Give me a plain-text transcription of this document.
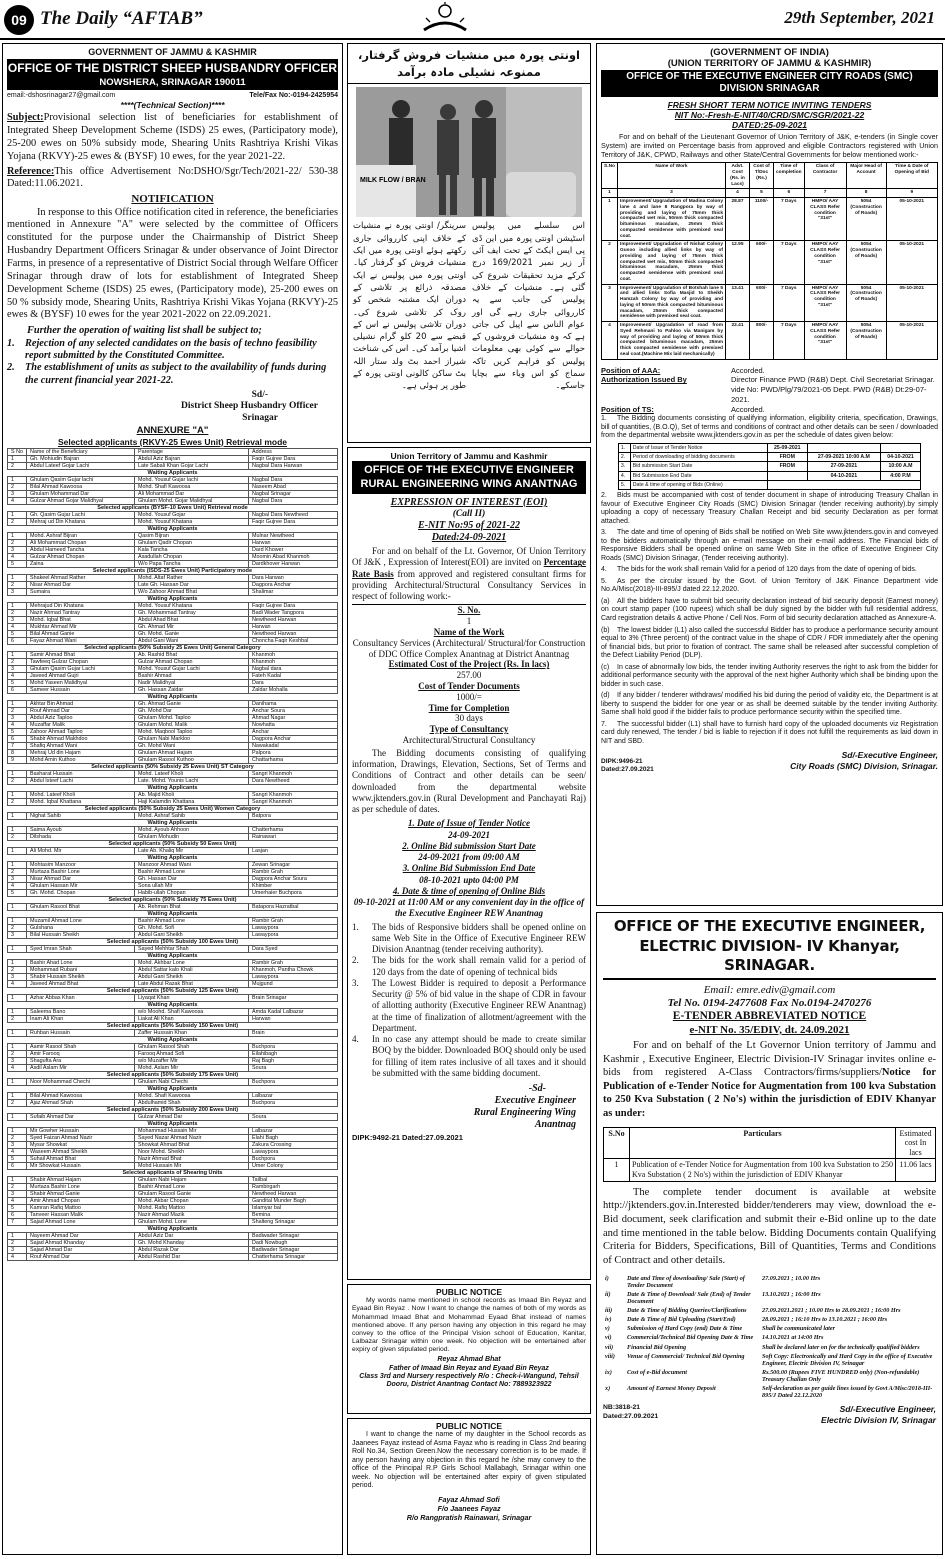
09 The Daily “AFTAB”	29th September, 2021
GOVERNMENT OF JAMMU & KASHMIR
OFFICE OF THE DISTRICT SHEEP HUSBANDRY OFFICER
NOWSHERA, SRINAGAR 190011
email:-dshosrinagar27@gmail.com	Tele/Fax No:-0194-2425954
****(Technical Section)****
Subject:Provisional selection list of beneficiaries for establishment of Integrated Sheep Development Scheme (ISDS) 25 ewes, (Participatory mode), 25-200 ewes on 50% subsidy mode, Shearing Units Rashtriya Krishi Vikas Yojana (RKVY)-25 ewes & (BYSF) 10 ewes, for the year 2021-22.
Reference:This office Advertisement No:DSHO/Sgr/Tech/2021-22/ 530-38 Dated:11.06.2021.
NOTIFICATION
In response to this Office notification cited in reference, the beneficiaries mentioned in Annexure "A" were selected by the committee of Officers constituted for the purpose under the Chairmanship of District Sheep Husbandry Department Officers Srinagar & under observance of Joint Director Farms, in presence of a representative of District Social through Welfare Officer Srinagar through draw of lots for establishment of Integrated Sheep Development Scheme (ISDS) 25 ewes, (Participatory mode), 25-200 ewes on 50 % subsidy mode, Shearing Units, Rashtriya Krishi Vikas Yojana (RKVY)-25 ewes & (BYSF) 10 ewes for the year 2021-2022 on 22.09.2021.
Further the operation of waiting list shall be subject to;
1. Rejection of any selected candidates on the basis of techno feasibility report submitted by the Constituted Committee.
2. The establishment of units as subject to the availability of funds during the current financial year 2021-22.
Sd/-
District Sheep Husbandry Officer
Srinagar
ANNEXURE "A"
Selected applicants (RKVY-25 Ewes Unit) Retrieval mode
S No	Name of the Beneficiary	Parentage	Address
1	Gh. Mohiudin Bajran	Abdul Aziz Bajran	Faqir Gujree Dara
2	Abdul Lateef Gojar Lachi	Late Sabali Khan Gojar Lachi	Nagbal Dara Harwan
Waiting Applicants			
1	Ghulam Qasim Gujar lachi	Mohd. Yousuf Gujar lachi	Nagbal Dara
2	Bilal Ahmad Kawoosa	Mohd. Shafi Kawoosa	Naseem Abad
3	Ghulam Mohammad Dar	Ali Mohammad Dar	Nagbal Srinagar
4	Gulzar Ahmad Gojar Malidhyal	Ghulam Mohd. Gojar Malidhyal	Nagbal Dara
Selected applicants (BYSF-10 Ewes Unit) Retrieval mode			
1	Gh. Qasim Gujar Lachi	Mohd. Yousuf Gojar	Nagbal Dara Newtheed
2	Mehraj ud Din Khatana	Mohd. Yousuf Khatana	Faqir Gujree Dara
Waiting Applicants			
1	Mohd. Ashraf Bijran	Qasim Bijran	Mulnar Newtheed
2	Ali Mohammad Chopan	Ghulam Qadir Chopan	Harwan
3	Abdul Hameed Tancha	Kala Tancha	Dard Khower
4	Gulzar Ahmad Chopan	Asadullah Chopan	Moomin Abad Khanmoh
5	Zaina	W/o Papa Tancha	Dardkhover Harwan
Selected applicants (ISDS-25 Ewes Unit) Participatory mode			
1	Shakeel Ahmad Rather	Mohd. Altaf Rather	Dara Harwan
2	Nisar Ahmad Dar	Late Gh. Hassan Dar	Dagpora Anchar
3	Sumaira	W/o Zahoor Ahmad Bhat	Shalimar
Waiting Applicants			
1	Mehrajud Din Khatana	Mohd. Yousuf Khatana	Faqir Gujree Dara
2	Nazir Ahmad Tantray	Gh. Mohammad Tantray	Badi Wader Tangpora
3	Mohd. Iqbal Bhat	Abdul Ahad Bhat	Newtheed Harwan
4	Mukhtar Ahmad Mir	Gh. Ahmad Mir	Harwan
5	Bilal Ahmad Ganie	Gh. Mohd. Ganie	Newtheed Harwan
6	Fayaz Ahmad Wani	Abdul Gani Wani	Choncha Faqir Keshbal
Selected applicants (50% Subsidy 25 Ewes Unit) General Category			
1	Samir Ahmad Bhat	Ab. Rashid Bhat	Khanmoh
2	Tawfeeq Gulzar Chopan	Gulzar Ahmad Chopan	Khanmoh
3	Ghulam Qasim Gujar Lachi	Mohd. Yousuf Gujar Lachi	Nagbal dara
4	Javeed Ahmad Gujri	Bashir Ahmad	Fateh Kadal
5	Mohd Yaseen Malidhyal	Nadir Malidhyal	Dara
6	Sameer Hussain	Gh. Hassan Zaidar	Zaldar Mohalla
Waiting Applicants			
1	Akhtar Bin Ahmad	Gh. Ahmad Ganie	Danihama
2	Rouf Ahmad Dar	Gh. Mohd Dar	Anchar Soura
3	Abdul Aziz Taploo	Ghulam Mohd. Taploo	Ahmad Nagar
4	Muzaffar Malik	Ghulam Mohd. Malik	Nowhatta
5	Zahoor Ahmad Taploo	Mohd. Maqbool Taploo	Anchar
6	Shabir Ahmad Makhdoo	Ghulam Nabi Markloo	Dagpora Anchar
7	Shafiq Ahmad Wani	Gh. Mohd Wani	Nawakadal
8	Mehraj Ud din Hajam	Ghulam Ahmad Hajam	Palpora
9	Mohd Amin Kuthoo	Ghulam Rasool Kuthoo	Chattarhama
Selected applicants (50% Subsidy 25 Ewes Unit) ST Category			
1	Basharat Hussain	Mohd. Lateef Kholi	Sangri Khanmoh
2	Abdul Isteef Lachi	Late. Mohd. Younis Lachi	Dara Newtheed
Waiting Applicants			
1	Mohd. Lateef Kholi	Ab. Majid Kholi	Sangri Khanmoh
2	Mohd. Iqbal Khattana	Haji Kalamdin Khattana	Sangri Khanmoh
Selected applicants (50% Subsidy 25 Ewes Unit) Women Category			
1	Nighat Sahib	Mohd. Ashraf Sahib	Batpora
Waiting Applicants			
1	Saima Ayoub	Mohd. Ayoub Ahhoon	Chatterhama
2	Dilshada	Ghulam Mohudin	Rainawari
Selected applicants (50% Subsidy 50 Ewes Unit)			
1	Ali Mohd. Mir	Late Ab. Khaliq Mir	Lasjan
Waiting Applicants			
1	Mohtasim Manzoor	Manzoor Ahmad Wani	Zewan Srinagar
2	Murtaza Bashir Lone	Bashir Ahmad Lone	Rambir Grah
3	Nisar Ahmad Dar	Gh. Hassan Dar	Dagpora Anchar Soura
4	Ghulam Hassan Mir	Sona ullah Mir	Khimber
5	Gh. Mohd. Chopan	Habib-ullah Chopan	Umerhaier Buchpora
Selected applicants (50% Subsidy 75 Ewes Unit)			
1	Ghulam Rasool Bhat	Ab. Rehman Bhat	Batapora Hazratbal
Waiting Applicants			
1	Muzamil Ahmad Lone	Bashir Ahmad Lone	Rambir Grah
2	Gulshana	Gh. Mohd. Sofi	Lawaypora
3	Bilal Hussain Sheikh	Abdul Gani Sheikh	Lawaypora
Selected applicants (50% Subsidy 100 Ewes Unit)			
1	Syed Imran Shah	Sayed Mehhtar Shah	Dara Syed
Waiting Applicants			
1	Bashir Ahad Lone	Mohd. Akhbar Lone	Rambir Grah
2	Mohammad Rubani	Abdul Sattar kalo Khali	Khanmoh, Pantha Chowk
3	Shabir Hussain Sheikh	Abdul Gani Sheikh	Lawaypora
4	Javeed Ahmad Bhat	Late Abdul Razak Bhat	Mujgund
Selected applicants (50% Subsidy 125 Ewes Unit)			
1	Azhar Abbas Khan	Liyaqat Khan	Brain Srinagar
Waiting Applicants			
1	Saleema Bano	w/o Moohd. Shafi Kawoosa	Amda Kadal Lalbazar
2	Inam Ali Khan	Liakat Ali Khan	Harwan
Selected applicants (50% Subsidy 150 Ewes Unit)			
1	Ruhban Hussain	Zaffer Hussain Khan	Brain
Waiting Applicants			
1	Aamir Rasool Shah	Ghulam Rasool Shah	Buchpora
2	Amir Farooq	Farooq Ahmad Sofi	Eilahibagh
3	Shagufta Ara	w/o Muzaffer Mir	Raj Bagh
4	Asdil Aslam Mir	Mohd. Aslam Mir	Soura
Selected applicants (50% Subsidy 175 Ewes Unit)			
1	Noor Mohammad Chechi	Ghulam Nabi Chechi	Buchpora
Waiting Applicants			
1	Bilal Ahmad Kawoosa	Mohd. Shafi Kawoosa	Lalbazar
2	Ajaz Ahmad Shah	Abdulhamid Shah	Buchpora
Selected applicants (50% Subsidy 200 Ewes Unit)			
1	Sufaib Ahmad Dar	Gulzar Ahmad Dar	Soura
Waiting Applicants			
1	Mir Gowher Hussain	Mohammad Hussain Mir	Lalbazar
2	Syed Faizan Ahmad Nazir	Sayed Nazar Ahmad Nazir	Elahi Bagh
3	Mysar Showkat	Showkat Ahmad Bhat	Zakura Crossing
4	Waseem Ahmad Sheikh	Noor Mohd. Sheikh	Lawaypora
5	Suhail Ahmad Bhat	Nazir Ahmad Bhat	Buchpora
6	Mir Showkat Hussain	Mohd Hussain Mir	Umer Colony
Selected applicants of Shearing Units			
1	Shabir Ahmad Hajam	Ghulam Nabi Hajam	Tailbal
2	Murtaza Bashir Lone	Bashir Ahmad Lone	Rambirgarh
3	Shabir Ahmad Ganie	Ghulam Rasool Ganie	Newtheed Harwan
4	Amir Ahmad Chopan	Mohd. Akbar Chopan	Gandital Munder Bagh
5	Kamran Rafiq Mattoo	Mohd. Rafiq Mattoo	Islamyar bal
6	Tanveer Hassan Malik	Nazir Ahmad Mazik	Bemina
7	Sajad Ahmad Lone	Ghulam Mohd. Lone	Shalteng Srinagar
Waiting Applicants			
1	Nayeem Ahmad Dar	Abdul Aziz Dar	Badiwader Srinagar
2	Sajad Ahmad Khanday	Gh. Mohd Khanday	Dadi Nowbugh
3	Sajad Ahmad Dar	Abdul Razak Dar	Badiwader Srinagar
4	Rouf Ahmad Dar	Abdul Rashid Dar	Chatterhama Srinagar
اونتی پورہ میں منشیات فروش گرفتار، ممنوعہ نشیلی مادہ برآمد
MILK FLOW / BRAN
سرینگر/ اونتی پورہ نے منشیات کے خلاف اپنی کارروائی جاری رکھتے ہوئے اونتی پورہ میں ایک منشیات فروش کو گرفتار کیا۔ اونتی پورہ میں پولیس نے ایک مصدقہ ذرائع پر تلاشی کے دوران ایک مشتبہ شخص کو روک کر تلاشی شروع کی۔ دوران تلاشی پولیس نے اس کے قبضے سے 20 کلو گرام نشیلی اشیا برآمد کی۔ اس کی شناخت شیراز احمد بٹ ولد ستار اللہ بٹ ساکن کالونی اونتی پورہ کے طور پر ہوئی ہے۔
اس سلسلے میں پولیس اسٹیشن اونتی پورہ میں این ڈی پی ایس ایکٹ کے تحت ایف آئی آر زیر نمبر 169/2021 درج کرکے مزید تحقیقات شروع کی گئی ہے۔ منشیات کے خلاف پولیس کی جانب سے یہ کارروائی جاری رہے گی اور عوام الناس سے اپیل کی جاتی ہے کہ وہ منشیات فروشوں کے حوالے سے کوئی بھی معلومات پولیس کو فراہم کریں تاکہ سماج کو اس وباء سے بچایا جاسکے۔
Union Territory of Jammu and Kashmir
OFFICE OF THE EXECUTIVE ENGINEER RURAL ENGINEERING WING ANANTNAG
EXPRESSION OF INTEREST (EOI)
(Call II)
E-NIT No:95 of 2021-22
Dated:24-09-2021
For and on behalf of the Lt. Governor, Of Union Territory Of J&K , Expression of Interest(EOI) are invited on Percentage Rate Basis from approved and registered consultant firms for providing Architectural/Structural Consultancy Services in respect of following work:-
S. No.
1
Name of the Work
Consultancy Services (Architectural/ Structural/for Construction of DDC Office Complex Anantnag at District Anantnag
Estimated Cost of the Project (Rs. In lacs)
257.00
Cost of Tender Documents
1000/=
Time for Completion
30 days
Type of Consultancy
Architectural/Structural Consultancy
The Bidding documents consisting of qualifying information, Drawings, Elevation, Sections, Set of Terms and Conditions of Contract and other details can be seen/ downloaded from the departmental website www.jktenders.gov.in (Rural Development and Panchayati Raj) as per schedule of dates.
1. Date of Issue of Tender Notice
24-09-2021
2. Online Bid submission Start Date
24-09-2021 from 09:00 AM
3. Online Bid Submission End Date
08-10-2021 upto 04:00 PM
4. Date & time of opening of Online Bids
09-10-2021 at 11:00 AM or any convenient day in the office of the Executive Engineer REW Anantnag
1.	The bids of Responsive bidders shall be opened online on same Web Site in the Office of Executive Engineer REW Division Anantnag (tender receiving authority).
2.	The bids for the work shall remain valid for a period of 120 days from the date of opening of technical bids
3.	The Lowest Bidder is required to deposit a Performance Security @ 5% of bid value in the shape of CDR in favour of allotting authority (Executive Engineer REW Anantnag) at the time of finalization of allotment/agreement with the Department.
4.	In no case any attempt should be made to create similar BOQ by the bidder. Downloaded BOQ should only be used for filling of item rates inclusive of all taxes and it should be submitted with the same bidding document.
-Sd-
Executive Engineer
Rural Engineering Wing
Anantnag
DIPK:9492-21 Dated:27.09.2021
PUBLIC NOTICE
My words name mentioned in school records as Imaad Bin Reyaz and Eyaad Bin Reyaz . Now I want to change the names of both of my words as Mohammad Imaad Bhat and Mohammad Eyaad Bhat instead of names mentioned above. If any person having any objection in this regard he may convey to the office of the Principal Vision school of Education, Kanitar, Lalbazar Srinagar within one week. No objection will be entertained after expiry of given stipulated period.
Reyaz Ahmad Bhat
Father of Imaad Bin Reyaz and Eyaad Bin Reyaz
Class 3rd and Nursery respectively R/o : Check-i-Wangund, Tehsil
Dooru, District Anantnag Contact No: 7889323922
PUBLIC NOTICE
I want to change the name of my daughter in the School records as Jaanees Fayaz instead of Asma Fayaz who is reading in Class 2nd bearing Roll No.34, Section Green.Now the necessary correction is to be made. If any person having any objection in this regard he /she may convey to the office of the Principal R.P Girls School Mallabagh, Srinagar within one week. No objection will be entertained after expiry of given stipulated period.
Fayaz Ahmad Sofi
F/o Jaanees Fayaz
R/o Rangpratish Rainawari, Srinagar
(GOVERNMENT OF INDIA)
(UNION TERRITORY OF JAMMU & KASHMIR)
OFFICE OF THE EXECUTIVE ENGINEER CITY ROADS (SMC) DIVISION SRINAGAR
FRESH SHORT TERM NOTICE INVITING TENDERS
NIT No:-Fresh-E-NIT/40/CRD/SMC/SGR/2021-22
DATED:25-09-2021
For and on behalf of the Lieutenant Governor of Union Territory of J&K, e-tenders (in Single cover System) are invited on Percentage basis from approved and eligible Contractors registered with Union Territory of J&K, CPWD, Railways and other State/Central Governments for below mentioned work:-
S.No	Name of Work	Advt. Cost (Rs. in Lacs)	Cost of T/Doc (Rs.)	Time of completion	Class of Contractor	Major Head of Account	Time & Date of Opening of Bid
1	3	4	5	6	7	8	9
1	Improvement/ Upgradation of Madina Colony lane 4 and lane 8 Rangpora by way of providing and laying of 75mm thick compacted wet mix, 50mm thick compacted bituminous macadam, 25mm thick compacted semidense with premixed seal coat.	28.87	1100/-	7 Days	HMPO/ AAY CLASS Refer condition "31st"	5054 (Construction of Roads)	05-10-2021
2	Improvement/ Upgradation of Nishat Colony Gusoo including allied links by way of providing and laying of 75mm thick compacted wet mix, 50mm thick compacted bituminous macadam, 25mm thick compacted semidense with premixed seal coat.	12.95	600/-	7 Days	HMPO/ AAY CLASS Refer condition "31st"	5054 (Construction of Roads)	05-10-2021
3	Improvement/ Upgradation of Botshah lane 5 and allied links Sofia Masjid to Sheikh Hamzah Colony by way of providing and laying of 50mm thick compacted bituminous macadam, 25mm thick compacted semidense with premixed seal coat.	13.41	600/-	7 Days	HMPO/ AAY CLASS Refer condition "31st"	5054 (Construction of Roads)	05-10-2021
4	Improvement/ Upgradation of road from Syed Rehmani to Pahloo via Manigam by way of providing and laying of 50mm thick compacted bituminous macadam, 25mm thick compacted semidense with premixed seal coat.(Machine Mix laid mechanically)	22.41	800/-	7 Days	HMPO/ AAY CLASS Refer condition "31st"	5054 (Construction of Roads)	05-10-2021
Position of AAA:	Accorded.
Authorization Issued By	Director Finance PWD (R&B) Dept. Civil Secretariat Srinagar.
vide No: PWD/Plg/79/2021-05 Dept. PWD (R&B) Dt:29-07-2021.
Position of TS:	Accorded.
1. The Bidding documents consisting of qualifying information, eligibility criteria, specification, Drawings, bill of quantities, (B.O.Q), Set of terms and conditions of contract and other details can be seen / downloaded from the departmental website www.jktenders.gov.in as per the schedule of dates given below:
1.	Date of Issue of Tender Notice	25-09-2021		
2.	Period of downloading of bidding documents	FROM	27-09-2021 10:00 A.M	04-10-2021
3.	Bid submission Start Date	FROM	27-09-2021	10:00 A.M
4.	Bid Submission End Date		04-10-2021	4:00 P.M
5.	Date & time of opening of Bids (Online)			
2. Bids must be accompanied with cost of tender document in shape of introducing Treasury Challan in favour of Executive Engineer City Roads (SMC) Division Srinagar (tender receiving authority).by simply uploading a copy of necessary Treasury Challan Receipt and bid security Declaration as per format attached.
3. The date and time of opening of Bids shall be notified on Web Site www.jktenders.gov.in and conveyed to the bidders automatically through an e-mail message on their e-mail address. The Financial bids of Responsive Bidders shall be opened online on same Web Site in the office of Executive Engineer City Roads (SMC) Division Srinagar, (Tender receiving authority).
4. The bids for the work shall remain Valid for a period of 120 days from the date of opening of bids.
5. As per the circular issued by the Govt. of Union Territory of J&K Finance Department vide No.A/Misc(2018)-III-895/J dated 22.12.2020.
(a) All the bidders have to submit bid security declaration instead of bid security deposit (Earnest money) on court stamp paper (100 rupees) which shall be duly signed by the bidder with full residential address, Card registration details & active Phone / Cell Nos. Form of bid security declaration attached as Annexure-A.
(b) The lowest bidder (L1) also called the successful Bidder has to produce a performance security amount equal to 3% (Three percent) of the contract value in the shape of CDR / FDR immediately after the opening of financial bids, but prior to fixation of contract. The same shall be released after successful completion of the Defect Liability Period (DLP).
(c) In case of abnormally low bids, the tender inviting Authority reserves the right to ask from the bidder for additional performance security with the approval of the next higher Authority which shall be binding upon the bidder in such case.
(d) If any bidder / tenderer withdraws/ modified his bid during the period of validity etc, the Department is at liberty to suspend the bidder for one year or as shall be deemed suitable by the tender inviting Authority. Same shall hold good if the bidder fails to produce performance security within the specified time.
7. The successful bidder (L1) shall have to furnish hard copy of the uploaded documents viz Registration card duly renewed, The tender / bid is liable to rejection if it does not fulfill the requirements as laid down in NIT and SBD.
DIPK:9496-21
Dated:27.09.2021
Sd/-Executive Engineer,
City Roads (SMC) Division, Srinagar.
OFFICE OF THE EXECUTIVE ENGINEER, ELECTRIC DIVISION- IV Khanyar, SRINAGAR.
Email: emre.ediv@gmail.com
Tel No. 0194-2477608 Fax No.0194-2470276
E-TENDER ABBREVIATED NOTICE
e-NIT No. 35/EDIV, dt. 24.09.2021
For and on behalf of the Lt Governor Union territory of Jammu and Kashmir , Executive Engineer, Electric Division-IV Srinagar invites online e-bids from registered A-Class Contractors/firms/suppliers/Notice for Publication of e-Tender Notice for Augmentation from 100 kva Substation to 250 Kva Substation ( 2 No's) within the jurisdiction of EDIV Khanyar as under:
S.No	Particulars	Estimated cost In lacs
1	Publication of e-Tender Notice for Augmentation from 100 kva Substation to 250 Kva Substation ( 2 No's) within the jurisdiction of EDIV Khanyar	11.06 lacs
The complete tender document is available at website http://jktenders.gov.in.Interested bidder/tenderers may view, download the e-Bid document, seek clarification and submit their e-Bid online up to the date and time mentioned in the table below. Bidding Documents contain Qualifying Criteria for Bidders, Specifications, Bill of Quantities, Terms and Conditions of Contract and other details.
i)	Date and Time of downloading/ Sale (Start) of Tender Document	27.09.2021 ; 10.00 Hrs
ii)	Date & Time of Download/ Sale (End) of Tender Document	13.10.2021 ; 16:00 Hrs
iii)	Date & Time of Bidding Queries/Clarifications	27.09.2021.2021 ; 10.00 Hrs to 28.09.2021 ; 16:00 Hrs
iv)	Date & Time of Bid Uploading (Start/End)	28.09.2021 ; 16:10 Hrs to 13.10.2021 ; 16:00 Hrs
v)	Submission of Hard Copy (end) Date & Time	Shall be communicated later
vi)	Commercial/Technical Bid Opening Date & Time	14.10.2021 at 14:00 Hrs
vii)	Financial Bid Opening	Shall be declared later on for the technically qualified bidders
viii)	Venue of Commercial/ Technical Bid Opening	Soft Copy: Electronically and Hard Copy in the office of Executive Engineer, Electric Division IV, Srinagar
ix)	Cost of e-Bid document	Rs.500.00 (Rupees FIVE HUNDRED only) (Non-refundable) Treasury Challan Only
x)	Amount of Earnest Money Deposit	Self-declaration as per guide lines issued by Govt A/Misc/2018-III-895/J Dated 22.12.2020
NB:3818-21
Dated:27.09.2021
Sd/-Executive Engineer,
Electric Division IV, Srinagar
